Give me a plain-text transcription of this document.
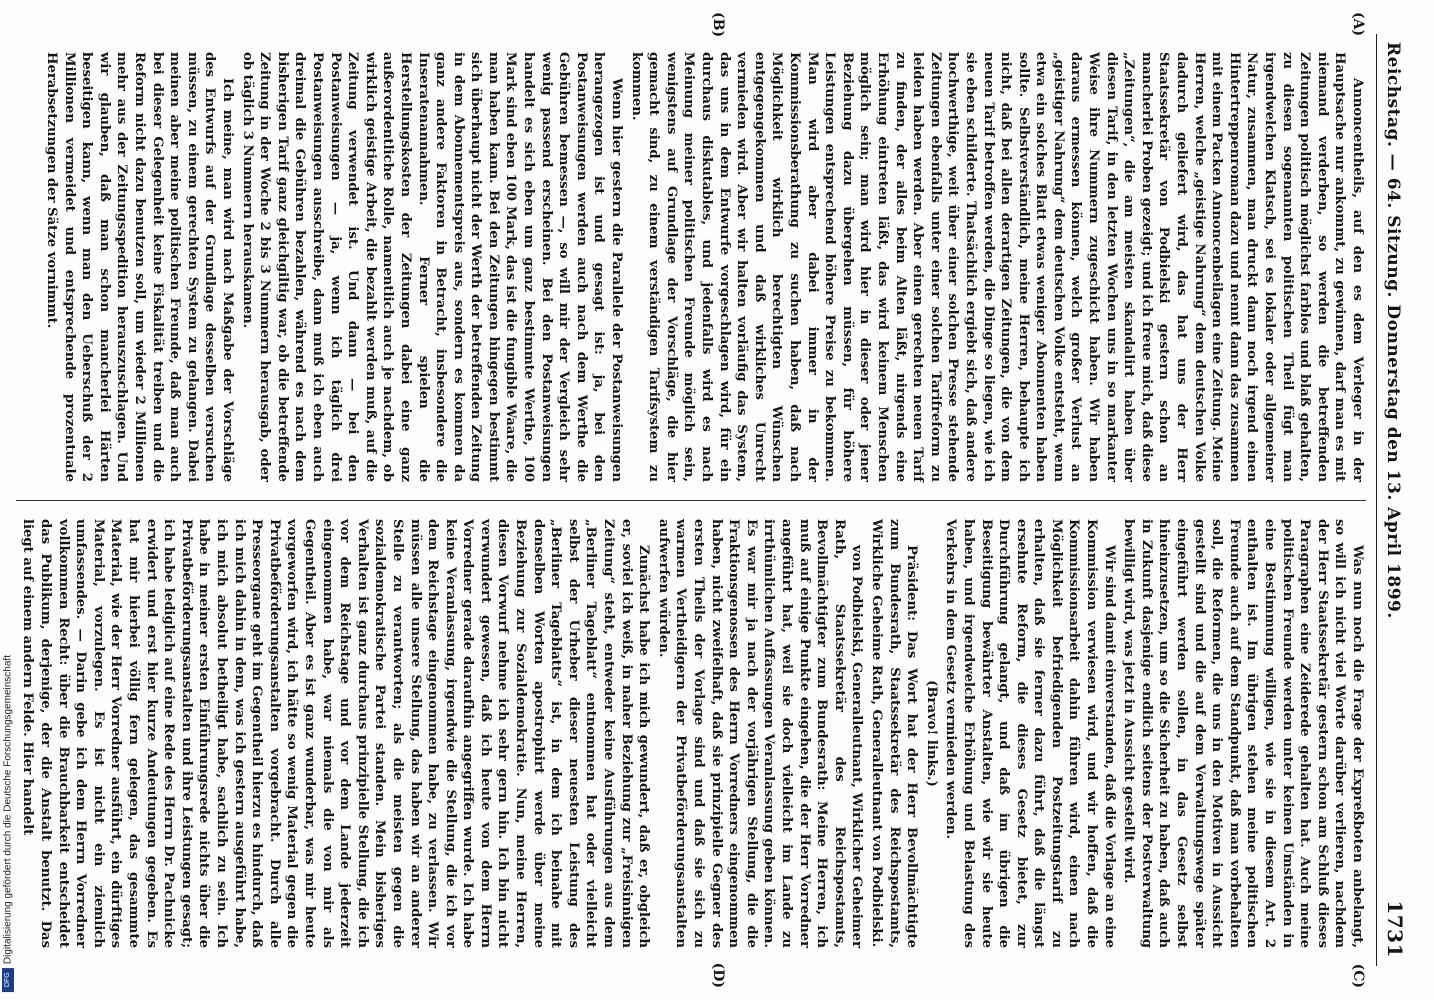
Reichstag. — 64. Sitzung. Donnerstag den 13. April 1899.
1731
(A)
(B)

Annoncentheils, auf den es dem Verleger in der Hauptsache nur ankommt, zu gewinnen, darf man es mit niemand verderben, so werden die betreffenden Zeitungen politisch möglichst farblos und blaß gehalten, zu diesen sogenannten politischen Theil fügt man irgendwelchen Klatsch, sei es lokaler oder allgemeiner Natur, zusammen, man druckt dann noch irgend einen Hintertreppenroman dazu und nennt dann das zusammen mit einem Packen Annoncenbeilagen eine Zeitung. Meine Herren, welche „geistige Nahrung“ dem deutschen Volke dadurch geliefert wird, das hat uns der Herr Staatssekretär von Podbielski gestern schon an mancherlei Proben gezeigt; und ich freue mich, daß diese „Zeitungen“, die am meisten skandalirt haben über diesen Tarif, in den letzten Wochen uns in so markanter Weise ihre Nummern zugeschickt haben. Wir haben daraus ermessen können, welch großer Verlust an „geistiger Nahrung“ dem deutschen Volke entsteht, wenn etwa ein solches Blatt etwas weniger Abonnenten haben sollte. Selbstverständlich, meine Herren, behaupte ich nicht, daß bei allen derartigen Zeitungen, die von dem neuen Tarif betroffen werden, die Dinge so liegen, wie ich sie eben schilderte. Thatsächlich ergiebt sich, daß andere hochwerthige, weit über einer solchen Presse stehende Zeitungen ebenfalls unter einer solchen Tarifreform zu leiden haben werden. Aber einen gerechten neuen Tarif zu finden, der alles beim Alten läßt, nirgends eine Erhöhung eintreten läßt, das wird keinem Menschen möglich sein; man wird hier in dieser oder jener Beziehung dazu übergehen müssen, für höhere Leistungen entsprechend höhere Preise zu bekommen. Man wird aber dabei immer in der Kommissionsberathung zu suchen haben, daß nach Möglichkeit wirklich berechtigten Wünschen entgegengekommen und daß wirkliches Unrecht vermieden wird. Aber wir halten vorläufig das System, das uns in dem Entwurfe vorgeschlagen wird, für ein durchaus diskutables, und jedenfalls wird es nach Meinung meiner politischen Freunde möglich sein, wenigstens auf Grundlage der Vorschläge, die hier gemacht sind, zu einem verständigen Tarifsystem zu kommen.

Wenn hier gestern die Parallele der Postanweisungen herangezogen ist und gesagt ist: ja, bei den Postanweisungen werden auch nach dem Werthe die Gebühren bemessen —, so will mir der Vergleich sehr wenig passend erscheinen. Bei den Postanweisungen handelt es sich eben um ganz bestimmte Werthe, 100 Mark sind eben 100 Mark, das ist die fungible Waare, die man haben kann. Bei den Zeitungen hingegen bestimmt sich überhaupt nicht der Werth der betreffenden Zeitung in dem Abonnementspreis aus, sondern es kommen da ganz andere Faktoren in Betracht, insbesondere die Inseratenannahmen. Ferner spielen die Herstellungskosten der Zeitungen dabei eine ganz außerordentliche Rolle, namentlich auch je nachdem, ob wirklich geistige Arbeit, die bezahlt werden muß, auf die Zeitung verwendet ist. Und dann — bei den Postanweisungen — ja, wenn ich täglich drei Postanweisungen ausschreibe, dann muß ich eben auch dreimal die Gebühren bezahlen, während es nach dem bisherigen Tarif ganz gleichgiltig war, ob die betreffende Zeitung in der Woche 2 bis 3 Nummern herausgab, oder ob täglich 3 Nummern herauskamen.

Ich meine, man wird nach Maßgabe der Vorschläge des Entwurfs auf der Grundlage desselben versuchen müssen, zu einem gerechten System zu gelangen. Dabei meinen aber meine politischen Freunde, daß man auch bei dieser Gelegenheit keine Fiskalität treiben und die Reform nicht dazu benutzen soll, um wieder 2 Millionen mehr aus der Zeitungsspedition herauszuschlagen. Und wir glauben, daß man schon mancherlei Härten beseitigen kann, wenn man den Ueberschuß der 2 Millionen vermeidet und entsprechende prozentuale Herabsetzungen der Sätze vornimmt.

(C)
(D)

Was nun noch die Frage der Expreßboten anbelangt, so will ich nicht viel Worte darüber verlieren, nachdem der Herr Staatssekretär gestern schon am Schluß dieses Paragraphen eine Zeiderede gehalten hat. Auch meine politischen Freunde werden unter keinen Umständen in eine Bestimmung willigen, wie sie in diesem Art. 2 enthalten ist. Im übrigen stehen meine politischen Freunde auch auf dem Standpunkt, daß man vorbehalten soll, die Reformen, die uns in den Motiven in Aussicht gestellt sind und die auf dem Verwaltungswege später eingeführt werden sollen, in das Gesetz selbst hineinzusetzen, um so die Sicherheit zu haben, daß auch in Zukunft dasjenige endlich seitens der Postverwaltung bewilligt wird, was jetzt in Aussicht gestellt wird.

Wir sind damit einverstanden, daß die Vorlage an eine Kommission verwiesen wird, und wir hoffen, daß die Kommissionsarbeit dahin führen wird, einen nach Möglichkeit befriedigenden Postzeitungstarif zu erhalten, daß sie ferner dazu führt, daß die längst ersehnte Reform, die dieses Gesetz bietet, zur Durchführung gelangt, und daß im übrigen die Beseitigung bewährter Anstalten, wie wir sie heute haben, und irgendwelche Erhöhung und Belastung des Verkehrs in dem Gesetz vermieden werden.

(Bravo! links.)

Präsident: Das Wort hat der Herr Bevollmächtigte zum Bundesrath, Staatssekretär des Reichspostamts, Wirkliche Geheime Rath, Generalleutnant von Podbielski.

von Podbielski, Generalleutnant, Wirklicher Geheimer Rath, Staatssekretär des Reichspostamts, Bevollmächtigter zum Bundesrath: Meine Herren, ich muß auf einige Punkte eingehen, die der Herr Vorredner angeführt hat, weil sie doch vielleicht im Lande zu irrthümlichen Auffassungen Veranlassung geben können. Es war mir ja nach der vorjährigen Stellung, die die Fraktionsgenossen des Herrn Vorredners eingenommen haben, nicht zweifelhaft, daß sie prinzipielle Gegner des ersten Theils der Vorlage sind und daß sie sich zu warmen Vertheidigern der Privatbeförderungsanstalten aufwerfen würden.

Zunächst habe ich mich gewundert, daß er, obgleich er, soviel ich weiß, in naher Beziehung zur „Freisinnigen Zeitung“ steht, entweder keine Ausführungen aus dem „Berliner Tageblatt“ entnommen hat oder vielleicht selbst der Urheber dieser neuesten Leistung des „Berliner Tageblatts“ ist, in dem ich beinahe mit denselben Worten apostrophirt werde über meine Beziehung zur Sozialdemokratie. Nun, meine Herren, diesen Vorwurf nehme ich sehr gern hin. Ich bin nicht verwundert gewesen, daß ich heute von dem Herrn Vorredner gerade daraufhin angegriffen wurde. Ich habe keine Veranlassung, irgendwie die Stellung, die ich vor dem Reichstage eingenommen habe, zu verlassen. Wir müssen alle unsere Stellung, das haben wir an anderer Stelle zu verantworten; als die meisten gegen die sozialdemokratische Partei standen. Mein bisheriges Verhalten ist ganz durchaus prinzipielle Stellung, die ich vor dem Reichstage und vor dem Lande jederzeit eingenommen habe, war niemals die von mir als Gegentheil. Aber es ist ganz wunderbar, was mir heute vorgeworfen wird, ich hätte so wenig Material gegen die Privatbeförderungsanstalten vorgebracht. Durch alle Presseorgane geht im Gegentheil hierzu es hindurch, daß ich mich dahin in dem, was ich gestern ausgeführt habe, ich mich absolut betheiligt habe, sachlich zu sein. Ich habe in meiner ersten Einführungsrede nichts über die Privatbeförderungsanstalten und ihre Leistungen gesagt; ich habe lediglich auf eine Rede des Herrn Dr. Pachnicke erwidert und erst hier kurze Andeutungen gegeben. Es hat mir hierbei völlig fern gelegen, das gesammte Material, wie der Herr Vorredner ausführt, ein dürftiges Material, vorzulegen. Es ist nicht ein ziemlich umfassendes. — Darin gebe ich dem Herrn Vorredner vollkommen Recht: über die Brauchbarkeit entscheidet das Publikum, derjenige, der die Anstalt benutzt. Das liegt auf einem andern Felde. Hier handelt

DFG
Digitalisierung gefördert durch die Deutsche Forschungsgemeinschaft
